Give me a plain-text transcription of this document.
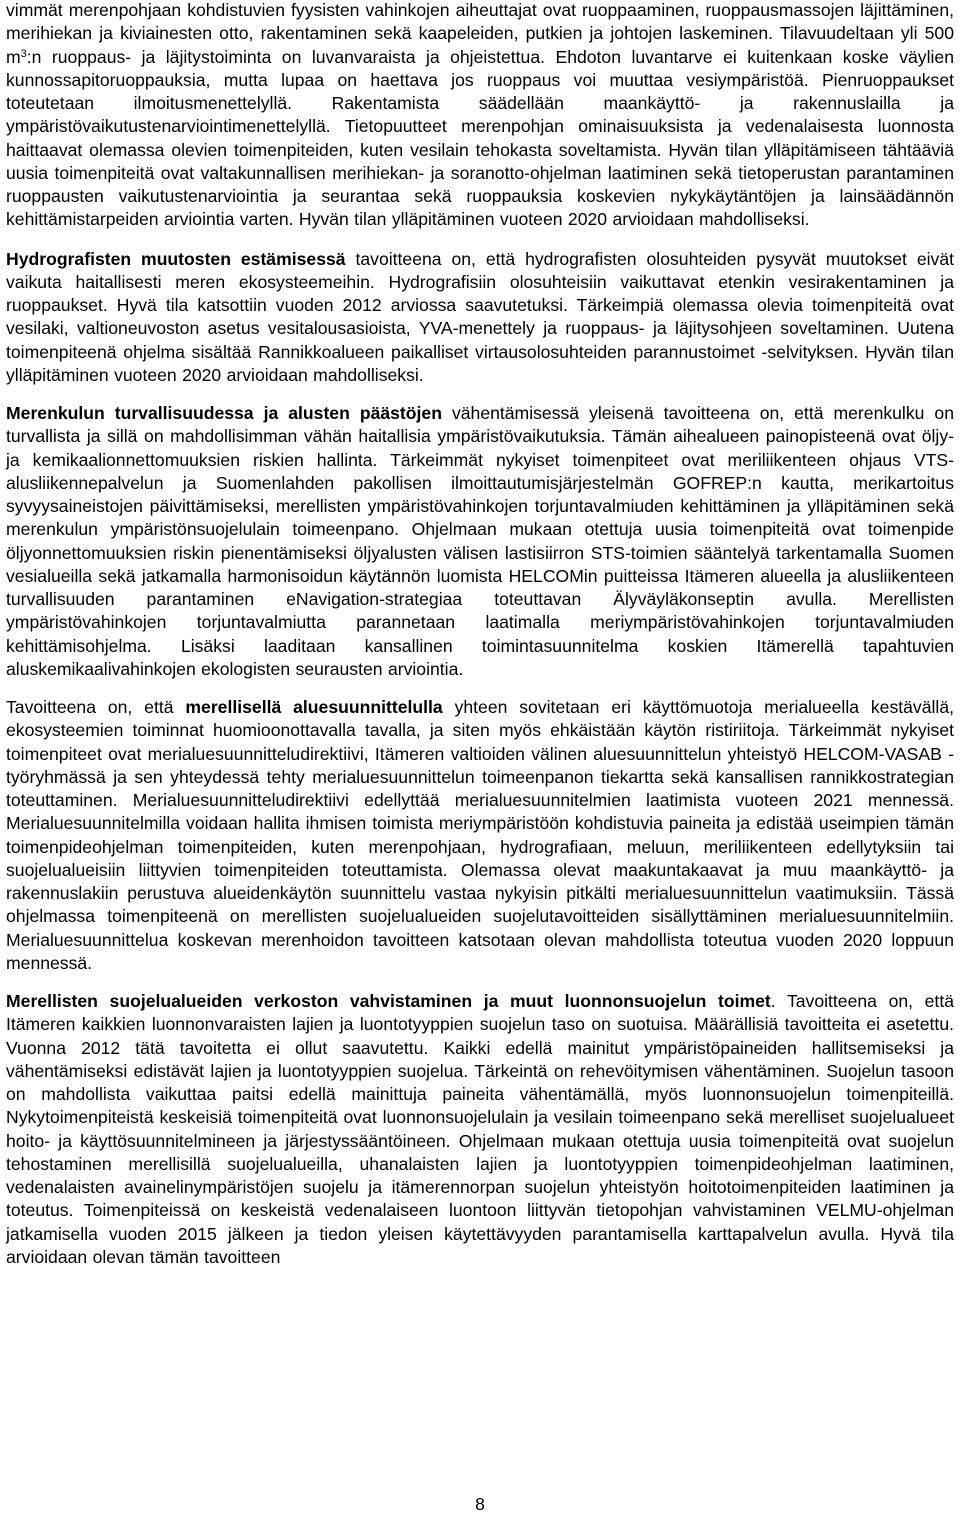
vimmät merenpohjaan kohdistuvien fyysisten vahinkojen aiheuttajat ovat ruoppaaminen, ruoppausmassojen läjittäminen, merihiekan ja kiviainesten otto, rakentaminen sekä kaapeleiden, putkien ja johtojen laskeminen. Tilavuudeltaan yli 500 $m^3:n$ ruoppaus- ja läjitystoiminta on luvanvaraista ja ohjeistettua. Ehdoton luvantarve ei kuitenkaan koske väylien kunnossapitoruoppauksia, mutta lupaa on haettava jos ruoppaus voi muuttaa vesiympäristöä. Pienruoppaukset toteutetaan ilmoitusmenettelyllä. Rakentamista säädellään maankäyttö- ja rakennuslailla ja ympäristövaikutustenarviointimenettelyllä. Tietopuutteet merenpohjan ominaisuuksista ja vedenalaisesta luonnosta haittaavat olemassa olevien toimenpiteiden, kuten vesilain tehokasta soveltamista. Hyvän tilan ylläpitämiseen tähtääviä uusia toimenpiteitä ovat valtakunnallisen merihiekan- ja soranotto-ohjelman laatiminen sekä tietoperustan parantaminen ruoppausten vaikutustenarviointia ja seurantaa sekä ruoppauksia koskevien nykykäytäntöjen ja lainsäädännön kehittämistarpeiden arviointia varten. Hyvän tilan ylläpitäminen vuoteen 2020 arvioidaan mahdolliseksi.

Hydrografisten muutosten estämisessä tavoitteena on, että hydrografisten olosuhteiden pysyvät muutokset eivät vaikuta haitallisesti meren ekosysteemeihin. Hydrografisiin olosuhteisiin vaikuttavat etenkin vesirakentaminen ja ruoppaukset. Hyvä tila katsottiin vuoden 2012 arviossa saavutetuksi. Tärkeimpiä olemassa olevia toimenpiteitä ovat vesilaki, valtioneuvoston asetus vesitalousasioista, YVA-menettely ja ruoppaus- ja läjitysohjeen soveltaminen. Uutena toimenpiteenä ohjelma sisältää Rannikkoalueen paikalliset virtausolosuhteiden parannustoimet -selvityksen. Hyvän tilan ylläpitäminen vuoteen 2020 arvioidaan mahdolliseksi.

Merenkulun turvallisuudessa ja alusten päästöjen vähentämisessä yleisenä tavoitteena on, että merenkulku on turvallista ja sillä on mahdollisimman vähän haitallisia ympäristövaikutuksia. Tämän aihealueen painopisteenä ovat öljy- ja kemikaalionnettomuuksien riskien hallinta. Tärkeimmät nykyiset toimenpiteet ovat meriliikenteen ohjaus VTS-alusliikennepalvelun ja Suomenlahden pakollisen ilmoittautumisjärjestelmän GOFREP:n kautta, merikartoitus syvyysaineistojen päivittämiseksi, merellisten ympäristövahinkojen torjuntavalmiuden kehittäminen ja ylläpitäminen sekä merenkulun ympäristönsuojelulain toimeenpano. Ohjelmaan mukaan otettuja uusia toimenpiteitä ovat toimenpide öljyonnettomuuksien riskin pienentämiseksi öljyalusten välisen lastisiirron STS-toimien sääntelyä tarkentamalla Suomen vesialueilla sekä jatkamalla harmonisoidun käytännön luomista HELCOMin puitteissa Itämeren alueella ja alusliikenteen turvallisuuden parantaminen eNavigation-strategiaa toteuttavan Älyväyläkonseptin avulla. Merellisten ympäristövahinkojen torjuntavalmiutta parannetaan laatimalla meriympäristövahinkojen torjuntavalmiuden kehittämisohjelma. Lisäksi laaditaan kansallinen toimintasuunnitelma koskien Itämerellä tapahtuvien aluskemikaalivahinkojen ekologisten seurausten arviointia.

Tavoitteena on, että merellisellä aluesuunnittelulla yhteen sovitetaan eri käyttömuotoja merialueella kestävällä, ekosysteemien toiminnat huomioonottavalla tavalla, ja siten myös ehkäistään käytön ristiriitoja. Tärkeimmät nykyiset toimenpiteet ovat merialuesuunnitteludirektiivi, Itämeren valtioiden välinen aluesuunnittelun yhteistyö HELCOM-VASAB -työryhmässä ja sen yhteydessä tehty merialuesuunnittelun toimeenpanon tiekartta sekä kansallisen rannikkostrategian toteuttaminen. Merialuesuunnitteludirektiivi edellyttää merialuesuunnitelmien laatimista vuoteen 2021 mennessä. Merialuesuunnitelmilla voidaan hallita ihmisen toimista meriympäristöön kohdistuvia paineita ja edistää useimpien tämän toimenpideohjelman toimenpiteiden, kuten merenpohjaan, hydrografiaan, meluun, meriliikenteen edellytyksiin tai suojelualueisiin liittyvien toimenpiteiden toteuttamista. Olemassa olevat maakuntakaavat ja muu maankäyttö- ja rakennuslakiin perustuva alueidenkäytön suunnittelu vastaa nykyisin pitkälti merialuesuunnittelun vaatimuksiin. Tässä ohjelmassa toimenpiteenä on merellisten suojelualueiden suojelutavoitteiden sisällyttäminen merialuesuunnitelmiin. Merialuesuunnittelua koskevan merenhoidon tavoitteen katsotaan olevan mahdollista toteutua vuoden 2020 loppuun mennessä.

Merellisten suojelualueiden verkoston vahvistaminen ja muut luonnonsuojelun toimet. Tavoitteena on, että Itämeren kaikkien luonnonvaraisten lajien ja luontotyyppien suojelun taso on suotuisa. Määrällisiä tavoitteita ei asetettu. Vuonna 2012 tätä tavoitetta ei ollut saavutettu. Kaikki edellä mainitut ympäristöpaineiden hallitsemiseksi ja vähentämiseksi edistävät lajien ja luontotyyppien suojelua. Tärkeintä on rehevöitymisen vähentäminen. Suojelun tasoon on mahdollista vaikuttaa paitsi edellä mainittuja paineita vähentämällä, myös luonnonsuojelun toimenpiteillä. Nykytoimenpiteistä keskeisiä toimenpiteitä ovat luonnonsuojelulain ja vesilain toimeenpano sekä merelliset suojelualueet hoito- ja käyttösuunnitelmineen ja järjestyssääntöineen. Ohjelmaan mukaan otettuja uusia toimenpiteitä ovat suojelun tehostaminen merellisillä suojelualueilla, uhanalaisten lajien ja luontotyyppien toimenpideohjelman laatiminen, vedenalaisten avainelinympäristöjen suojelu ja itämerennorpan suojelun yhteistyön hoitotoimenpiteiden laatiminen ja toteutus. Toimenpiteissä on keskeistä vedenalaiseen luontoon liittyvän tietopohjan vahvistaminen VELMU-ohjelman jatkamisella vuoden 2015 jälkeen ja tiedon yleisen käytettävyyden parantamisella karttapalvelun avulla. Hyvä tila arvioidaan olevan tämän tavoitteen

8
